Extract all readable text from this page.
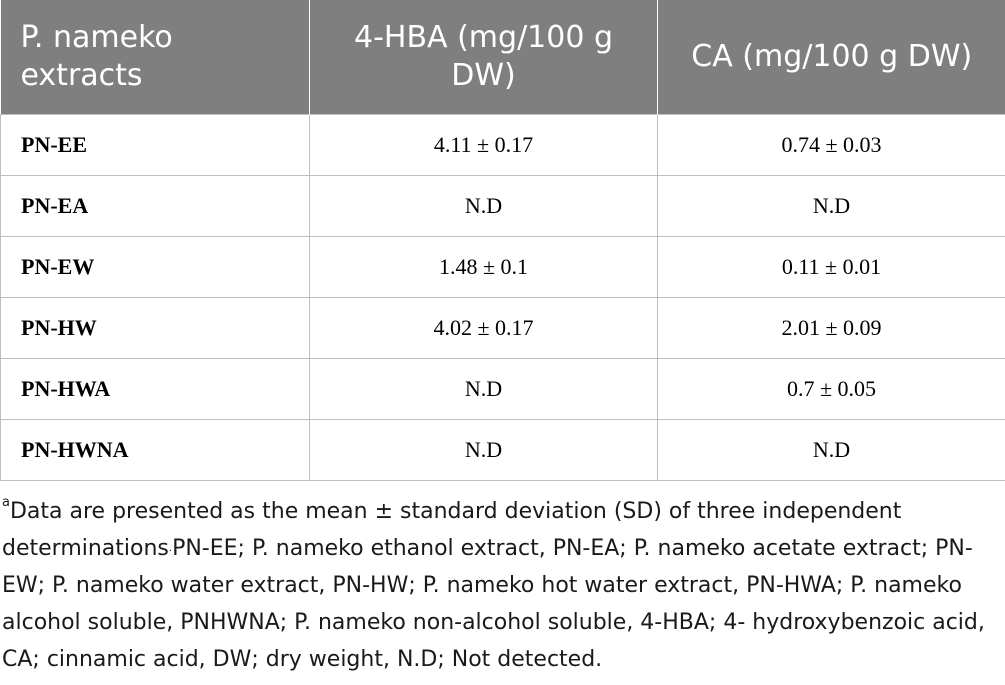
P. nameko extracts	4-HBA (mg/100 g DW)	CA (mg/100 g DW)
PN-EE	4.11 ± 0.17	0.74 ± 0.03
PN-EA	N.D	N.D
PN-EW	1.48 ± 0.1	0.11 ± 0.01
PN-HW	4.02 ± 0.17	2.01 ± 0.09
PN-HWA	N.D	0.7 ± 0.05
PN-HWNA	N.D	N.D
$^a$Data are presented as the mean ± standard deviation (SD) of three independent determinations.PN-EE; P. nameko ethanol extract, PN-EA; P. nameko acetate extract; PN-EW; P. nameko water extract, PN-HW; P. nameko hot water extract, PN-HWA; P. nameko alcohol soluble, PNHWNA; P. nameko non-alcohol soluble, 4-HBA; 4- hydroxybenzoic acid, CA; cinnamic acid, DW; dry weight, N.D; Not detected.
